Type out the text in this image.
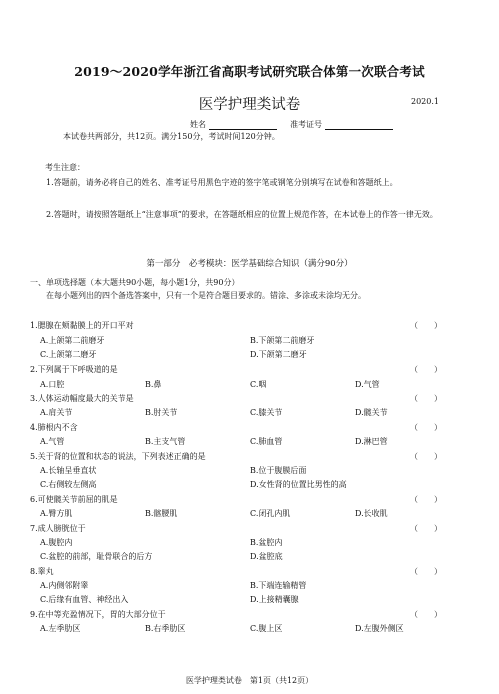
2019～2020学年浙江省高职考试研究联合体第一次联合考试
医学护理类试卷	2020.1
姓名	准考证号
本试卷共两部分，共12页。满分150分，考试时间120分钟。
考生注意：
1.答题前，请务必将自己的姓名、准考证号用黑色字迹的签字笔或钢笔分别填写在试卷和答题纸上。
2.答题时，请按照答题纸上“注意事项”的要求，在答题纸相应的位置上规范作答，在本试卷上的作答一律无效。
第一部分　必考模块：医学基础综合知识（满分90分）
一、单项选择题（本大题共90小题，每小题1分，共90分）
在每小题列出的四个备选答案中，只有一个是符合题目要求的。错涂、多涂或未涂均无分。
1.腮腺在颊黏膜上的开口平对	（　　）
A.上颌第二前磨牙	B.下颌第二前磨牙
C.上颌第二磨牙	D.下颌第二磨牙
2.下列属于下呼吸道的是	（　　）
A.口腔	B.鼻	C.咽	D.气管
3.人体运动幅度最大的关节是	（　　）
A.肩关节	B.肘关节	C.膝关节	D.髋关节
4.肺根内不含	（　　）
A.气管	B.主支气管	C.肺血管	D.淋巴管
5.关于肾的位置和状态的说法，下列表述正确的是	（　　）
A.长轴呈垂直状	B.位于腹膜后面
C.右侧较左侧高	D.女性肾的位置比男性的高
6.可使髋关节前屈的肌是	（　　）
A.臀方肌	B.髂腰肌	C.闭孔内肌	D.长收肌
7.成人膀胱位于	（　　）
A.腹腔内	B.盆腔内
C.盆腔的前部，耻骨联合的后方	D.盆腔底
8.睾丸	（　　）
A.内侧邻附睾	B.下端连输精管
C.后缘有血管、神经出入	D.上接精囊腺
9.在中等充盈情况下，胃的大部分位于	（　　）
A.左季肋区	B.右季肋区	C.腹上区	D.左腹外侧区
医学护理类试卷　第1页（共12页）
